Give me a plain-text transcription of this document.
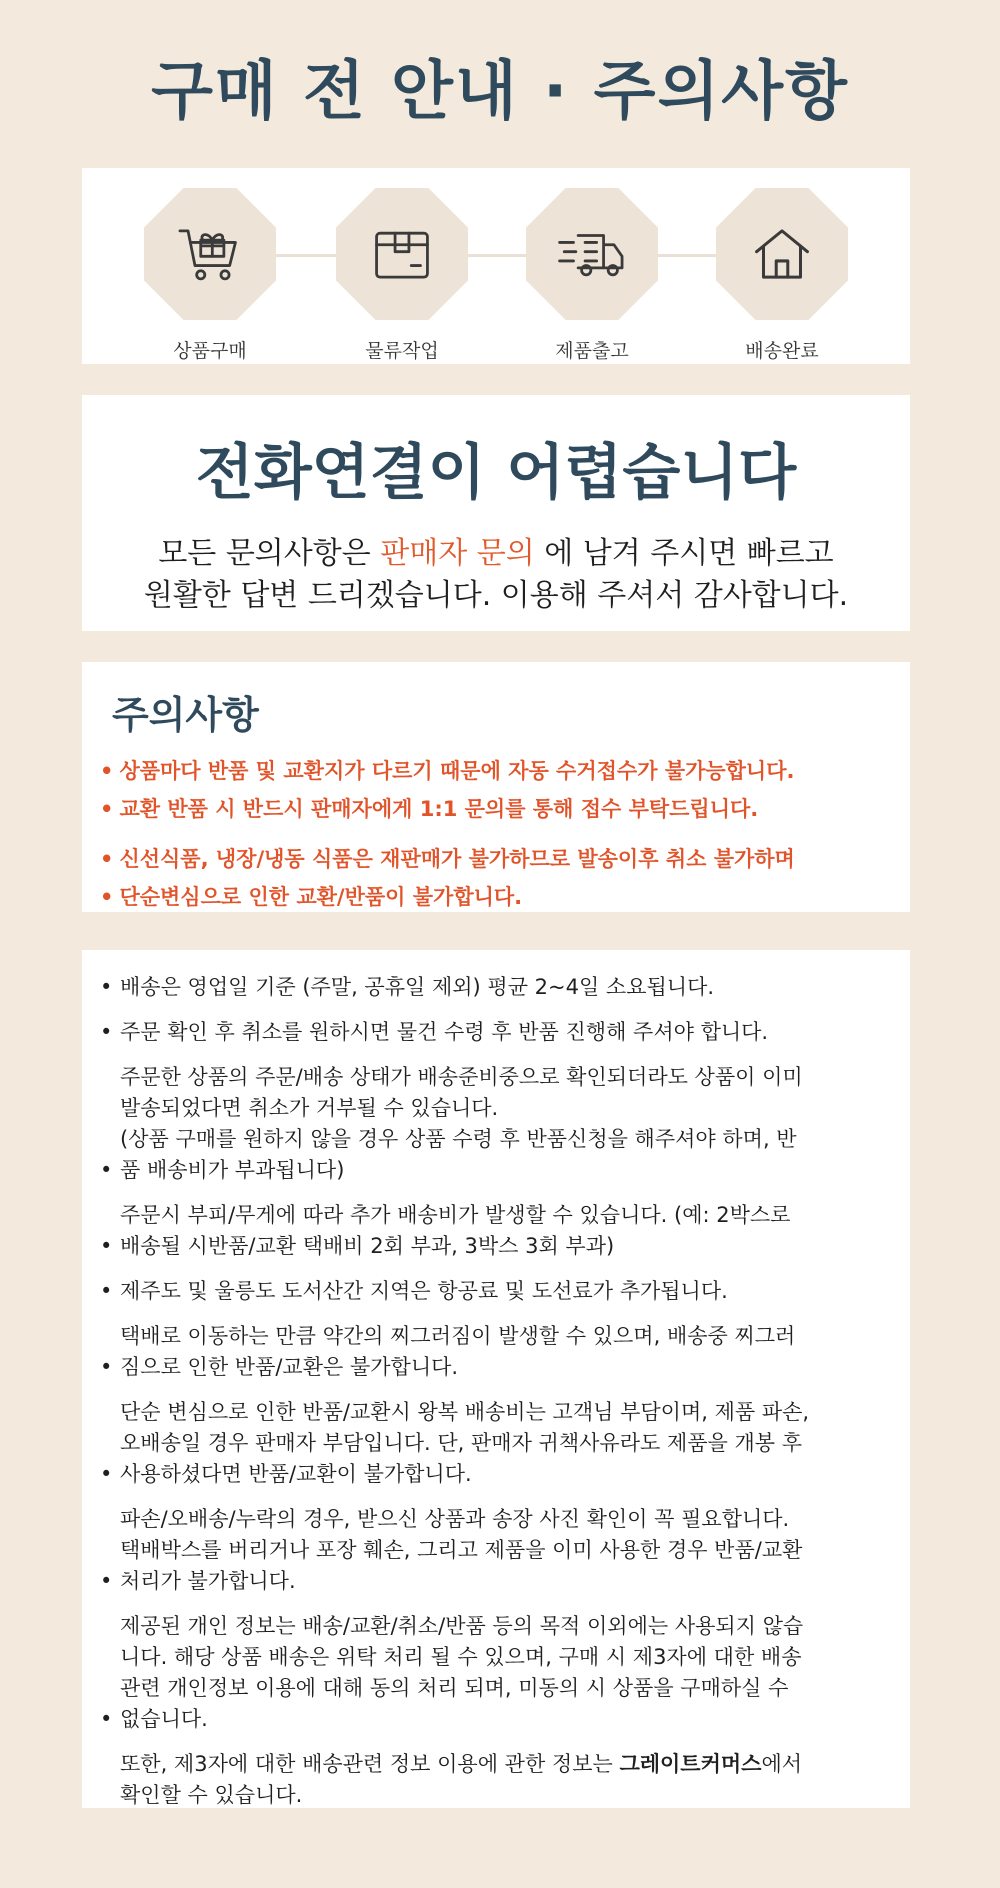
구매 전 안내 · 주의사항
상품구매	물류작업	제품출고	배송완료
전화연결이 어렵습니다
모든 문의사항은 판매자 문의 에 남겨 주시면 빠르고
원활한 답변 드리겠습니다. 이용해 주셔서 감사합니다.
주의사항
• 상품마다 반품 및 교환지가 다르기 때문에 자동 수거접수가 불가능합니다.
• 교환 반품 시 반드시 판매자에게 1:1 문의를 통해 접수 부탁드립니다.
• 신선식품, 냉장/냉동 식품은 재판매가 불가하므로 발송이후 취소 불가하며
• 단순변심으로 인한 교환/반품이 불가합니다.
• 배송은 영업일 기준 (주말, 공휴일 제외) 평균 2~4일 소요됩니다.
• 주문 확인 후 취소를 원하시면 물건 수령 후 반품 진행해 주셔야 합니다.
• 주문한 상품의 주문/배송 상태가 배송준비중으로 확인되더라도 상품이 이미
발송되었다면 취소가 거부될 수 있습니다.
(상품 구매를 원하지 않을 경우 상품 수령 후 반품신청을 해주셔야 하며, 반
품 배송비가 부과됩니다)
• 주문시 부피/무게에 따라 추가 배송비가 발생할 수 있습니다. (예: 2박스로
배송될 시반품/교환 택배비 2회 부과, 3박스 3회 부과)
• 제주도 및 울릉도 도서산간 지역은 항공료 및 도선료가 추가됩니다.
• 택배로 이동하는 만큼 약간의 찌그러짐이 발생할 수 있으며, 배송중 찌그러
짐으로 인한 반품/교환은 불가합니다.
• 단순 변심으로 인한 반품/교환시 왕복 배송비는 고객님 부담이며, 제품 파손,
오배송일 경우 판매자 부담입니다. 단, 판매자 귀책사유라도 제품을 개봉 후
사용하셨다면 반품/교환이 불가합니다.
• 파손/오배송/누락의 경우, 받으신 상품과 송장 사진 확인이 꼭 필요합니다.
택배박스를 버리거나 포장 훼손, 그리고 제품을 이미 사용한 경우 반품/교환
처리가 불가합니다.
• 제공된 개인 정보는 배송/교환/취소/반품 등의 목적 이외에는 사용되지 않습
니다. 해당 상품 배송은 위탁 처리 될 수 있으며, 구매 시 제3자에 대한 배송
관련 개인정보 이용에 대해 동의 처리 되며, 미동의 시 상품을 구매하실 수
없습니다.
또한, 제3자에 대한 배송관련 정보 이용에 관한 정보는 그레이트커머스에서
확인할 수 있습니다.
